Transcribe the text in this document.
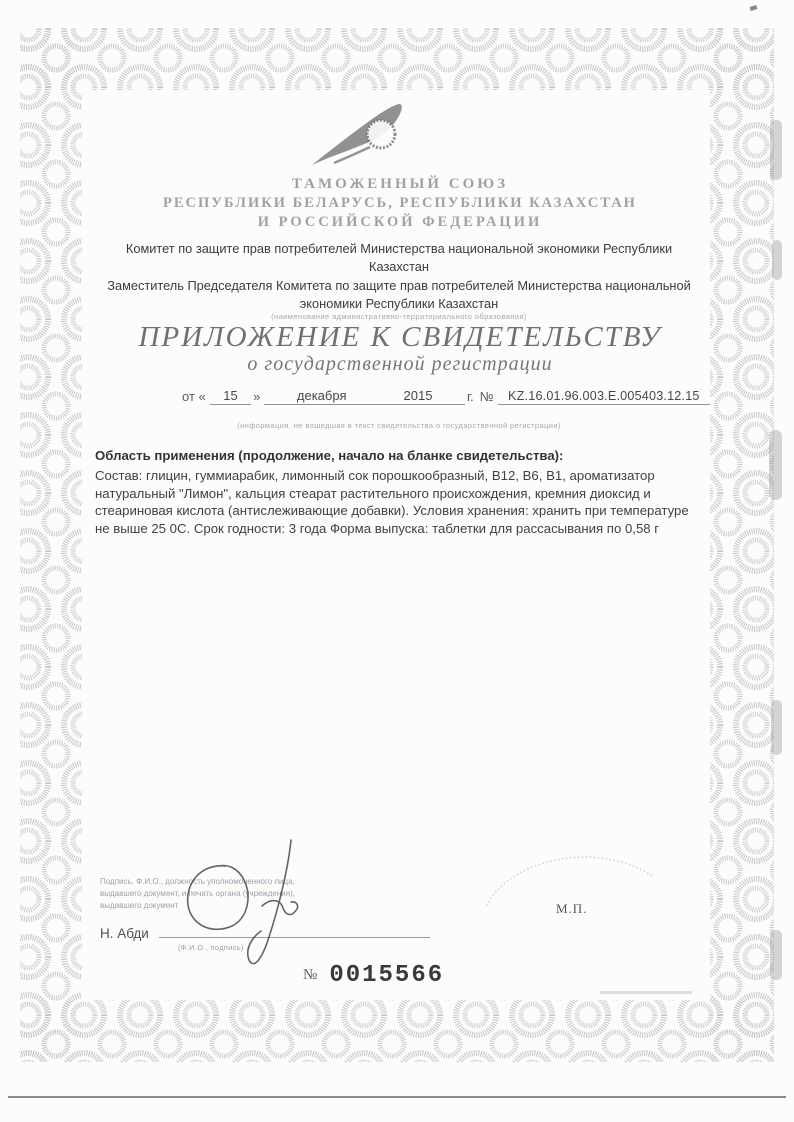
ТАМОЖЕННЫЙ СОЮЗ
РЕСПУБЛИКИ БЕЛАРУСЬ, РЕСПУБЛИКИ КАЗАХСТАН
И РОССИЙСКОЙ ФЕДЕРАЦИИ

Комитет по защите прав потребителей Министерства национальной экономики Республики Казахстан

Заместитель Председателя Комитета по защите прав потребителей Министерства национальной экономики Республики Казахстан

(наименование административно-территориального образования)
ПРИЛОЖЕНИЕ К СВИДЕТЕЛЬСТВУ
о государственной регистрации
от «	15	»	декабря	2015	г. №	KZ.16.01.96.003.E.005403.12.15
(информация, не вошедшая в текст свидетельства о государственной регистрации)

Область применения (продолжение, начало на бланке свидетельства):

Состав: глицин, гуммиарабик, лимонный сок порошкообразный, В12, В6, В1, ароматизатор натуральный "Лимон", кальция стеарат растительного происхождения, кремния диоксид и стеариновая кислота (антислеживающие добавки). Условия хранения: хранить при температуре не выше 25 0С. Срок годности: 3 года Форма выпуска: таблетки для рассасывания по 0,58 г

Подпись, Ф.И.О., должность уполномоченного лица,
выдавшего документ, и печать органа (учреждения),
выдавшего документ
Н. Абди
(Ф.И.О., подпись)
М.П.
№ 0015566
